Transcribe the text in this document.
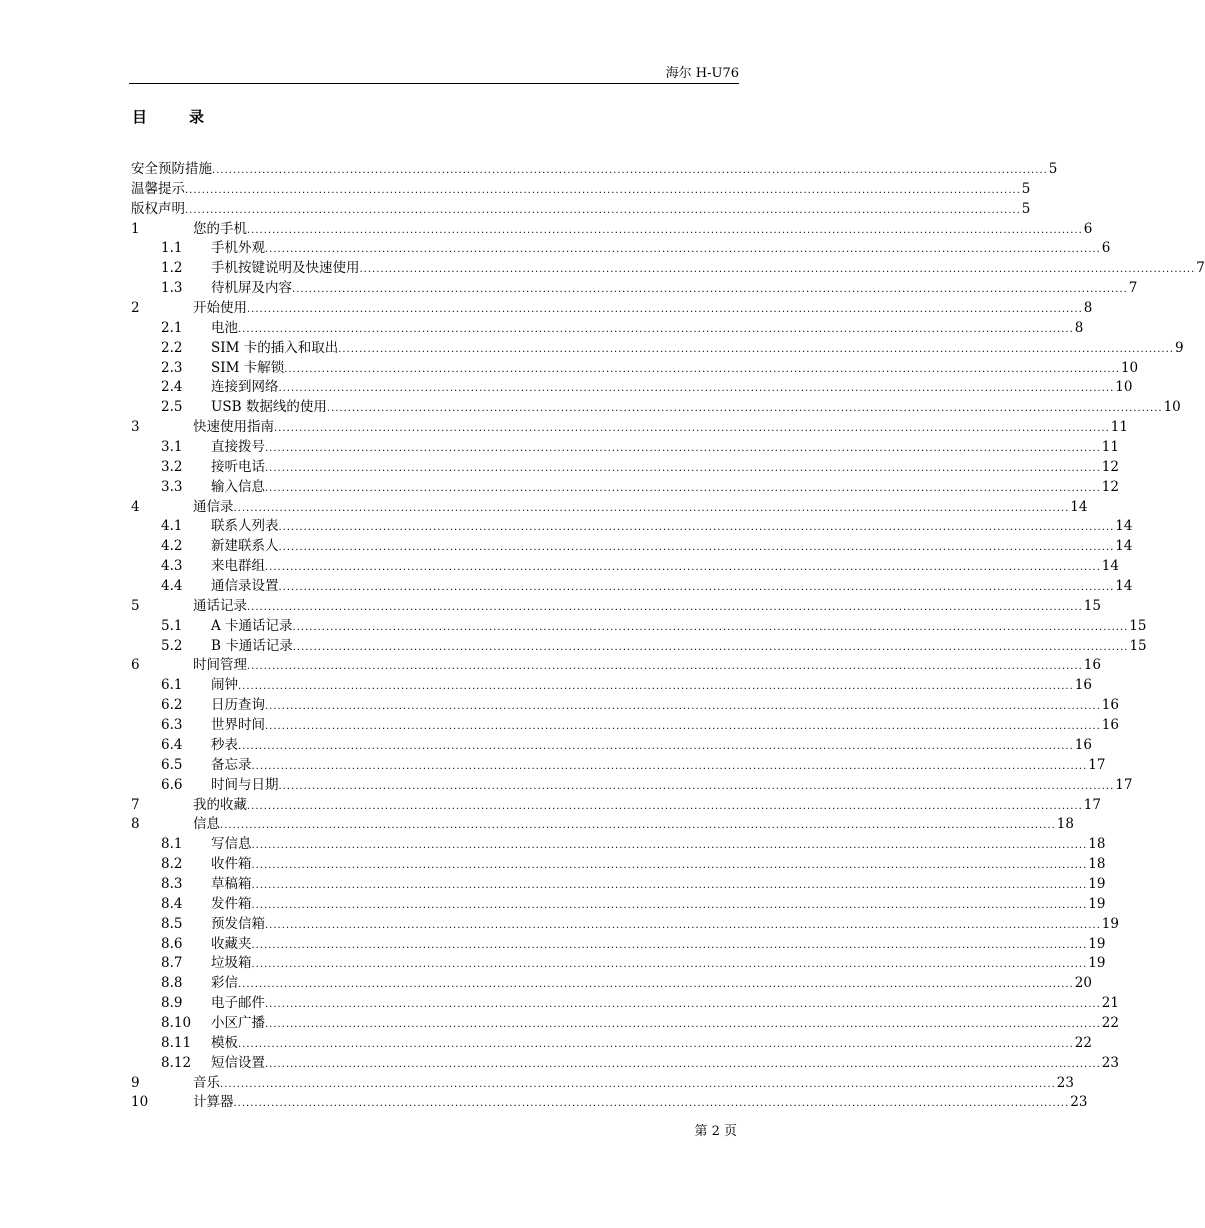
海尔 H-U76
目	录
安全预防措施 ........................................................................................................................................................................................................ 5
温馨提示 ........................................................................................................................................................................................................ 5
版权声明 ........................................................................................................................................................................................................ 5
1	您的手机 ........................................................................................................................................................................................................ 6
1.1 手机外观 ........................................................................................................................................................................................................ 6
1.2 手机按键说明及快速使用 ........................................................................................................................................................................................................ 7
1.3 待机屏及内容 ........................................................................................................................................................................................................ 7
2	开始使用 ........................................................................................................................................................................................................ 8
2.1 电池 ........................................................................................................................................................................................................ 8
2.2 SIM 卡的插入和取出 ........................................................................................................................................................................................................ 9
2.3 SIM 卡解锁 ........................................................................................................................................................................................................ 10
2.4 连接到网络 ........................................................................................................................................................................................................ 10
2.5 USB 数据线的使用 ........................................................................................................................................................................................................ 10
3	快速使用指南 ........................................................................................................................................................................................................ 11
3.1 直接拨号 ........................................................................................................................................................................................................ 11
3.2 接听电话 ........................................................................................................................................................................................................ 12
3.3 输入信息 ........................................................................................................................................................................................................ 12
4	通信录 ........................................................................................................................................................................................................ 14
4.1 联系人列表 ........................................................................................................................................................................................................ 14
4.2 新建联系人 ........................................................................................................................................................................................................ 14
4.3 来电群组 ........................................................................................................................................................................................................ 14
4.4 通信录设置 ........................................................................................................................................................................................................ 14
5	通话记录 ........................................................................................................................................................................................................ 15
5.1 A 卡通话记录 ........................................................................................................................................................................................................ 15
5.2 B 卡通话记录 ........................................................................................................................................................................................................ 15
6	时间管理 ........................................................................................................................................................................................................ 16
6.1 闹钟 ........................................................................................................................................................................................................ 16
6.2 日历查询 ........................................................................................................................................................................................................ 16
6.3 世界时间 ........................................................................................................................................................................................................ 16
6.4 秒表 ........................................................................................................................................................................................................ 16
6.5 备忘录 ........................................................................................................................................................................................................ 17
6.6 时间与日期 ........................................................................................................................................................................................................ 17
7	我的收藏 ........................................................................................................................................................................................................ 17
8	信息 ........................................................................................................................................................................................................ 18
8.1 写信息 ........................................................................................................................................................................................................ 18
8.2 收件箱 ........................................................................................................................................................................................................ 18
8.3 草稿箱 ........................................................................................................................................................................................................ 19
8.4 发件箱 ........................................................................................................................................................................................................ 19
8.5 预发信箱 ........................................................................................................................................................................................................ 19
8.6 收藏夹 ........................................................................................................................................................................................................ 19
8.7 垃圾箱 ........................................................................................................................................................................................................ 19
8.8 彩信 ........................................................................................................................................................................................................ 20
8.9 电子邮件 ........................................................................................................................................................................................................ 21
8.10 小区广播 ........................................................................................................................................................................................................ 22
8.11 模板 ........................................................................................................................................................................................................ 22
8.12 短信设置 ........................................................................................................................................................................................................ 23
9	音乐 ........................................................................................................................................................................................................ 23
10	计算器 ........................................................................................................................................................................................................ 23
第 2 页
